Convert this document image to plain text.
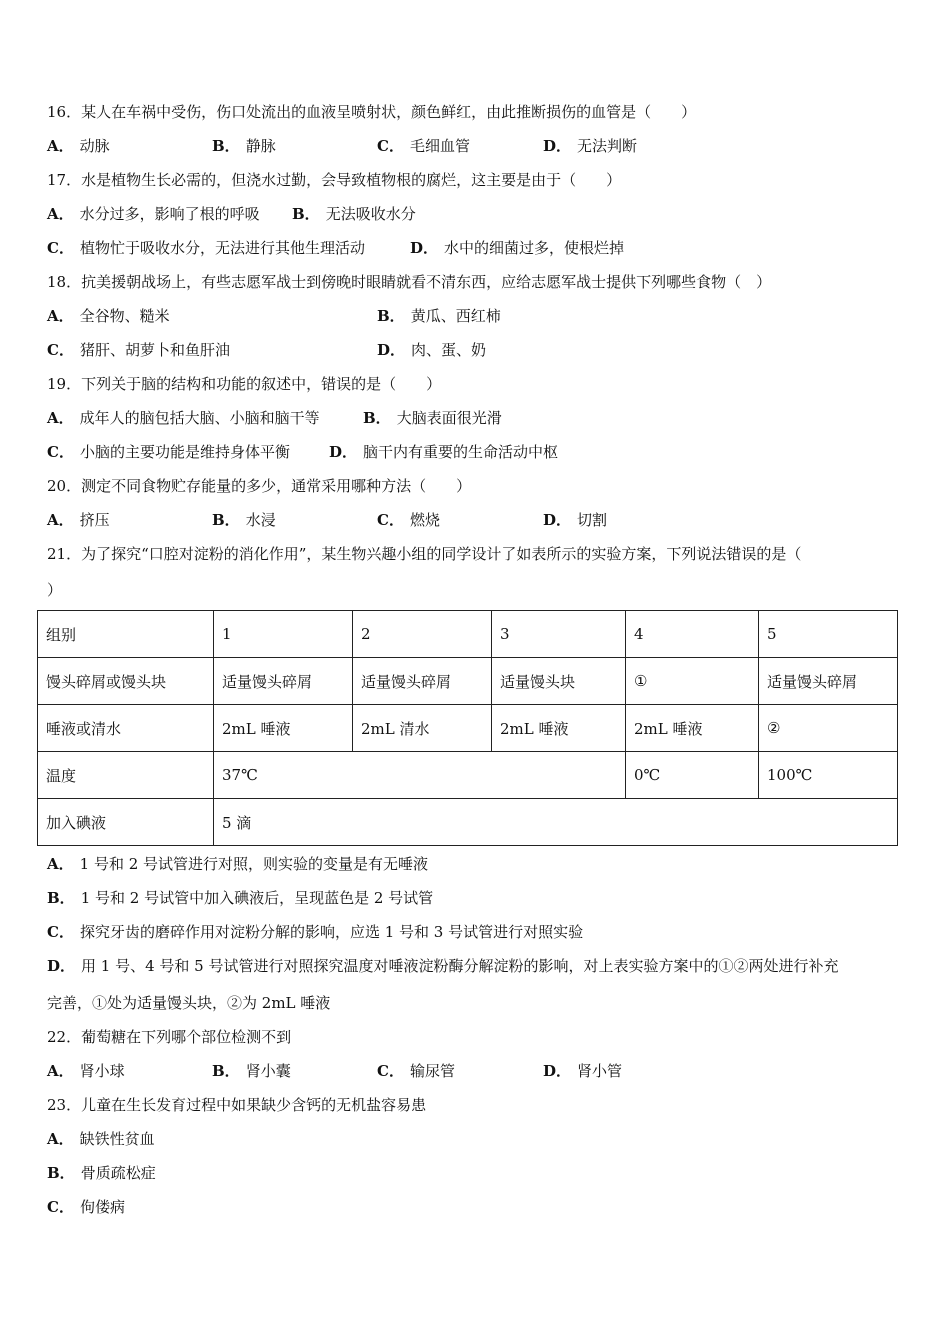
16．某人在车祸中受伤，伤口处流出的血液呈喷射状，颜色鲜红，由此推断损伤的血管是（　　）
A． 动脉	B． 静脉	C． 毛细血管	D． 无法判断
17．水是植物生长必需的，但浇水过勤，会导致植物根的腐烂，这主要是由于（　　）
A． 水分过多，影响了根的呼吸 B． 无法吸收水分
C． 植物忙于吸收水分，无法进行其他生理活动	D． 水中的细菌过多，使根烂掉
18．抗美援朝战场上，有些志愿军战士到傍晚时眼睛就看不清东西，应给志愿军战士提供下列哪些食物（　）
A． 全谷物、糙米	B． 黄瓜、西红柿
C． 猪肝、胡萝卜和鱼肝油	D． 肉、蛋、奶
19．下列关于脑的结构和功能的叙述中，错误的是（　　）
A． 成年人的脑包括大脑、小脑和脑干等	B． 大脑表面很光滑
C． 小脑的主要功能是维持身体平衡	D． 脑干内有重要的生命活动中枢
20．测定不同食物贮存能量的多少，通常采用哪种方法（　　）
A． 挤压	B． 水浸	C． 燃烧	D． 切割
21．为了探究“口腔对淀粉的消化作用”，某生物兴趣小组的同学设计了如表所示的实验方案，下列说法错误的是（
）
组别	1	2	3	4	5
馒头碎屑或馒头块	适量馒头碎屑	适量馒头碎屑	适量馒头块	①	适量馒头碎屑
唾液或清水	2mL 唾液	2mL 清水	2mL 唾液	2mL 唾液	②
温度	37℃			0℃	100℃
加入碘液	5 滴				
A． 1 号和 2 号试管进行对照，则实验的变量是有无唾液
B． 1 号和 2 号试管中加入碘液后，呈现蓝色是 2 号试管
C． 探究牙齿的磨碎作用对淀粉分解的影响，应选 1 号和 3 号试管进行对照实验
D． 用 1 号、4 号和 5 号试管进行对照探究温度对唾液淀粉酶分解淀粉的影响，对上表实验方案中的①②两处进行补充
完善，①处为适量馒头块，②为 2mL 唾液
22．葡萄糖在下列哪个部位检测不到
A． 肾小球	B． 肾小囊	C． 输尿管	D． 肾小管
23．儿童在生长发育过程中如果缺少含钙的无机盐容易患
A． 缺铁性贫血
B． 骨质疏松症
C． 佝偻病
